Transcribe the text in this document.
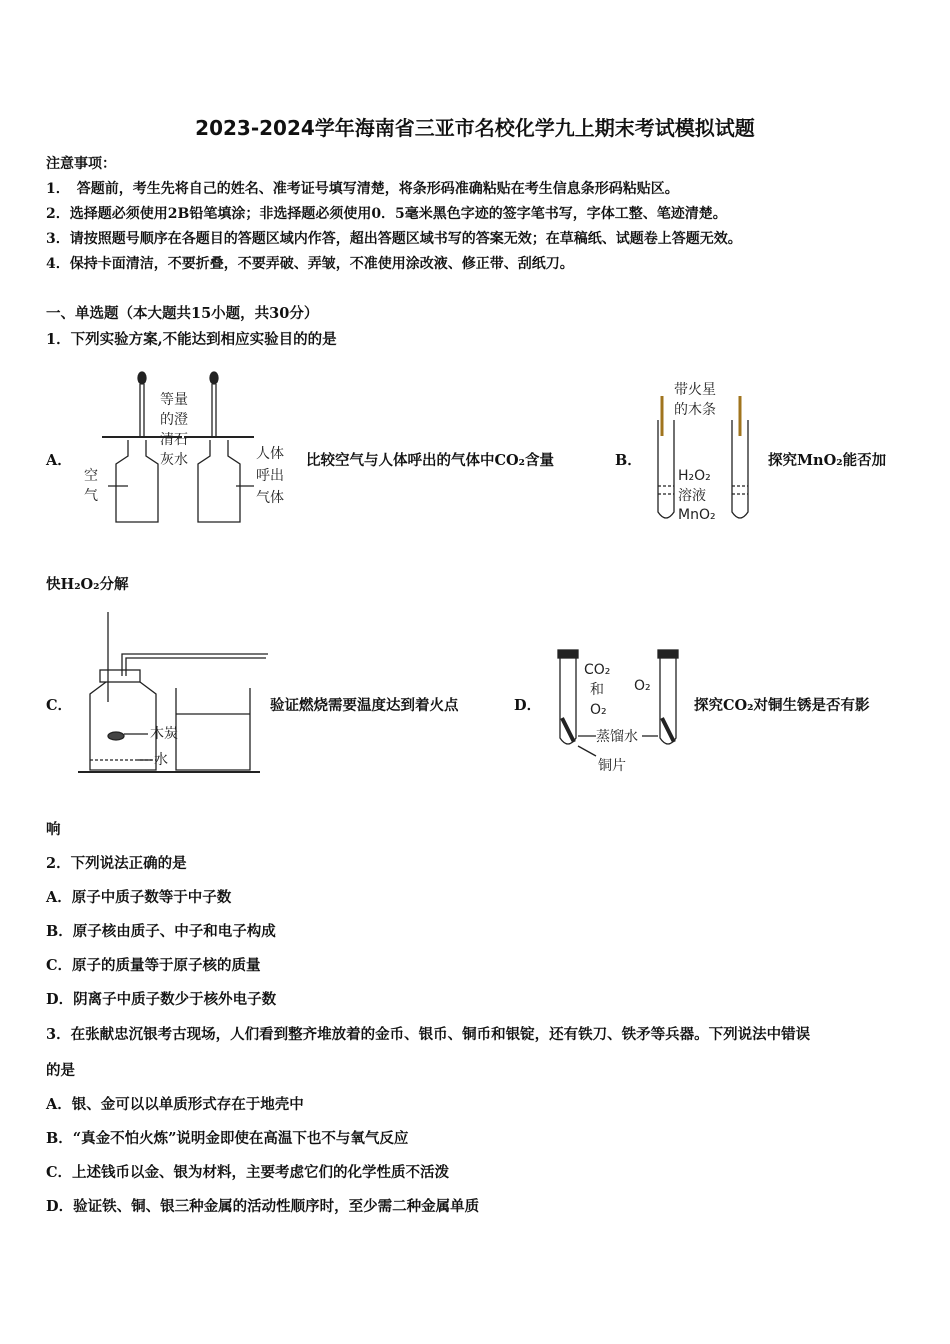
2023-2024学年海南省三亚市名校化学九上期末考试模拟试题
注意事项：
1．　答题前，考生先将自己的姓名、准考证号填写清楚，将条形码准确粘贴在考生信息条形码粘贴区。
2．选择题必须使用2B铅笔填涂；非选择题必须使用0．5毫米黑色字迹的签字笔书写，字体工整、笔迹清楚。
3．请按照题号顺序在各题目的答题区域内作答，超出答题区域书写的答案无效；在草稿纸、试题卷上答题无效。
4．保持卡面清洁，不要折叠，不要弄破、弄皱，不准使用涂改液、修正带、刮纸刀。
一、单选题（本大题共15小题，共30分）
1．下列实验方案,不能达到相应实验目的的是
A．
等量
的澄
清石
灰水
空
气
人体
呼出
气体
比较空气与人体呼出的气体中CO₂含量	B．
带火星
的木条
H₂O₂
溶液
MnO₂
探究MnO₂能否加
快H₂O₂分解
C．
木炭
水
验证燃烧需要温度达到着火点	D．
CO₂
和
O₂
O₂
蒸馏水
铜片
探究CO₂对铜生锈是否有影
响
2．下列说法正确的是
A．原子中质子数等于中子数
B．原子核由质子、中子和电子构成
C．原子的质量等于原子核的质量
D．阴离子中质子数少于核外电子数
3．在张献忠沉银考古现场，人们看到整齐堆放着的金币、银币、铜币和银锭，还有铁刀、铁矛等兵器。下列说法中错误
的是
A．银、金可以以单质形式存在于地壳中
B．“真金不怕火炼”说明金即使在高温下也不与氧气反应
C．上述钱币以金、银为材料，主要考虑它们的化学性质不活泼
D．验证铁、铜、银三种金属的活动性顺序时，至少需二种金属单质
